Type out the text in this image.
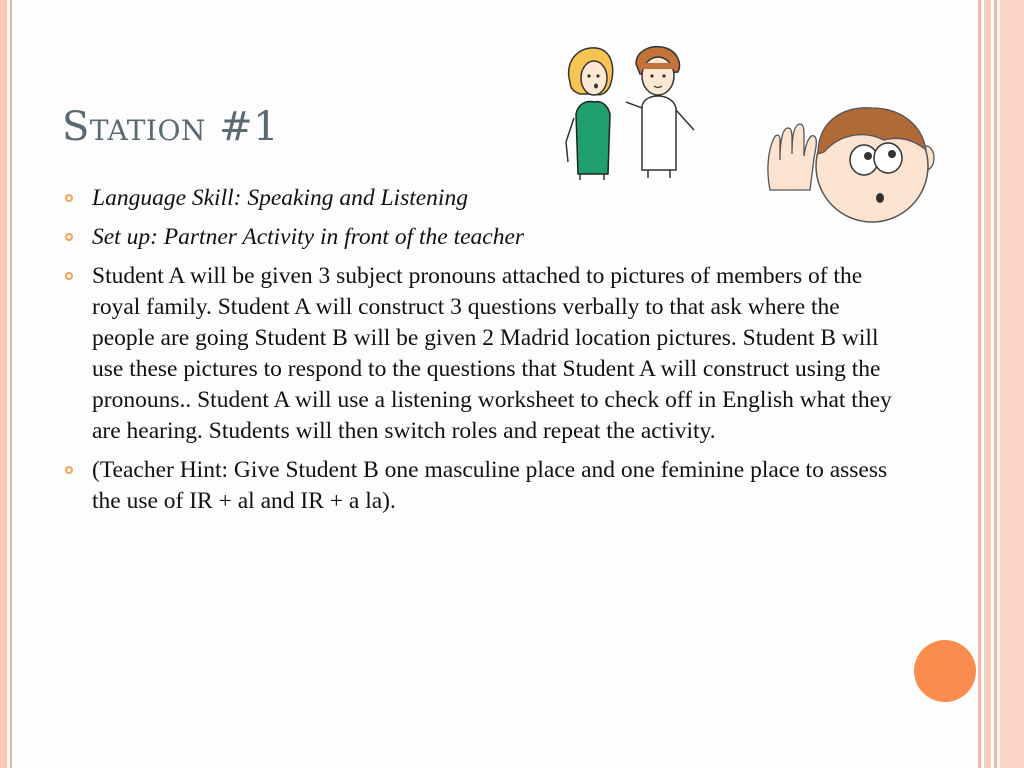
Station #1
Language Skill: Speaking and Listening
Set up: Partner Activity in front of the teacher
Student A will be given 3 subject pronouns attached to pictures of members of the royal family. Student A will construct 3 questions verbally to that ask where the people are going Student B will be given 2 Madrid location pictures. Student B will use these pictures to respond to the questions that Student A will construct using the pronouns.. Student A will use a listening worksheet to check off in English what they are hearing. Students will then switch roles and repeat the activity.
(Teacher Hint: Give Student B one masculine place and one feminine place to assess the use of IR + al and IR + a la).
